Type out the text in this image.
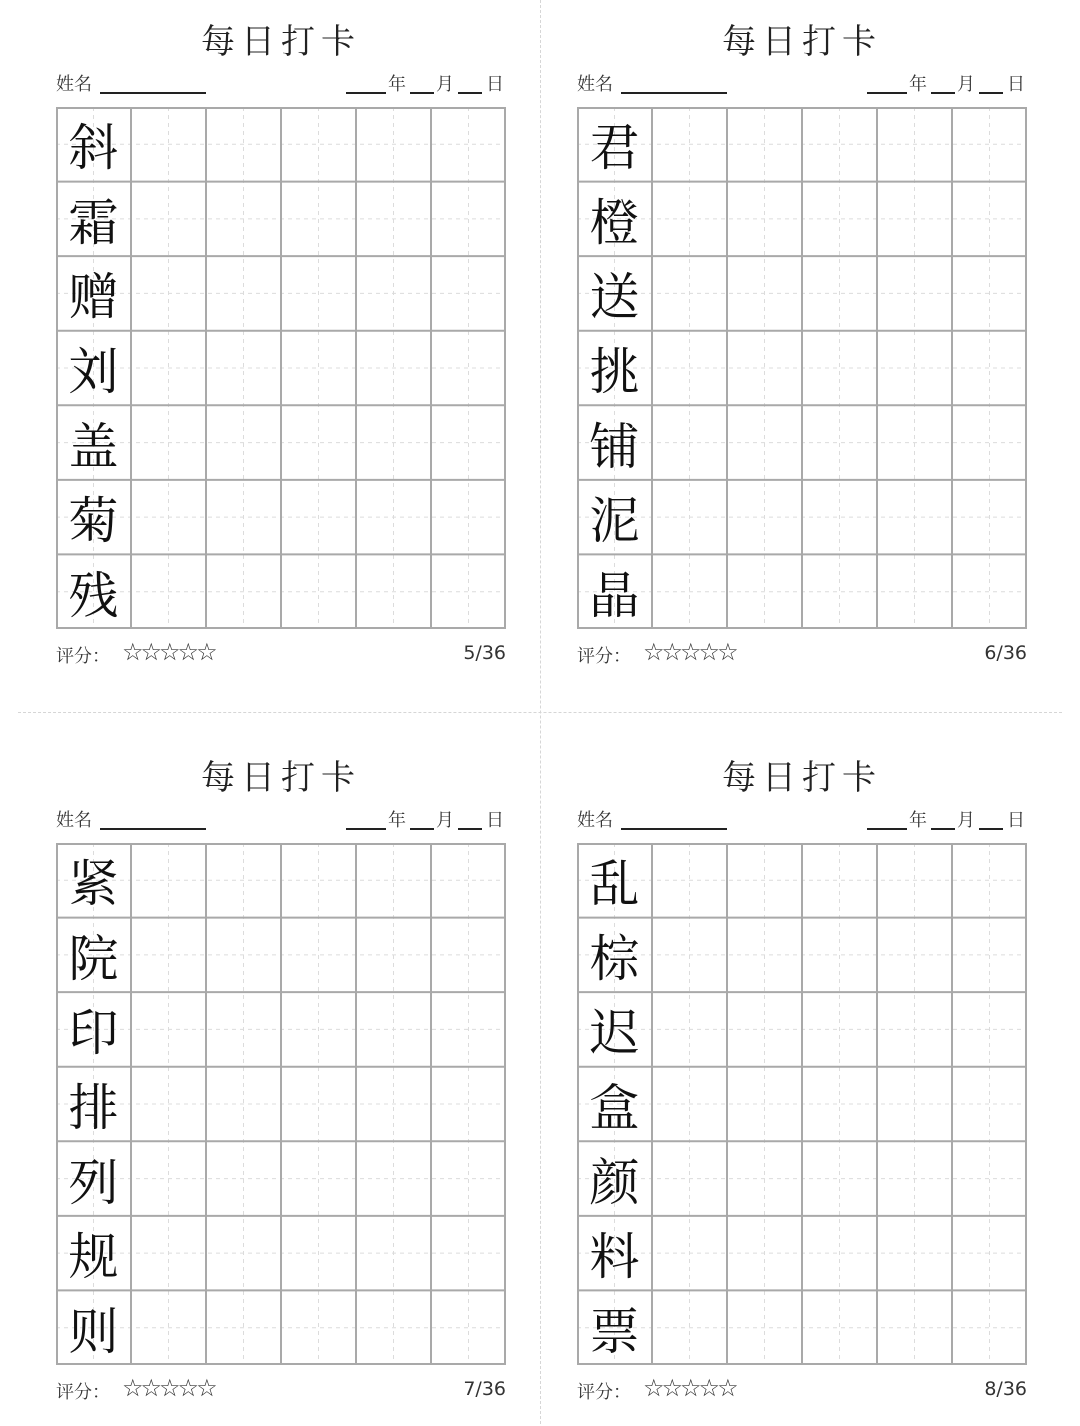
每日打卡
姓名	年 月 日
斜
霜
赠
刘
盖
菊
残
评分： ☆☆☆☆☆	5/36
每日打卡
姓名	年 月 日
君
橙
送
挑
铺
泥
晶
评分： ☆☆☆☆☆	6/36
每日打卡
姓名	年 月 日
紧
院
印
排
列
规
则
评分： ☆☆☆☆☆	7/36
每日打卡
姓名	年 月 日
乱
棕
迟
盒
颜
料
票
评分： ☆☆☆☆☆	8/36
